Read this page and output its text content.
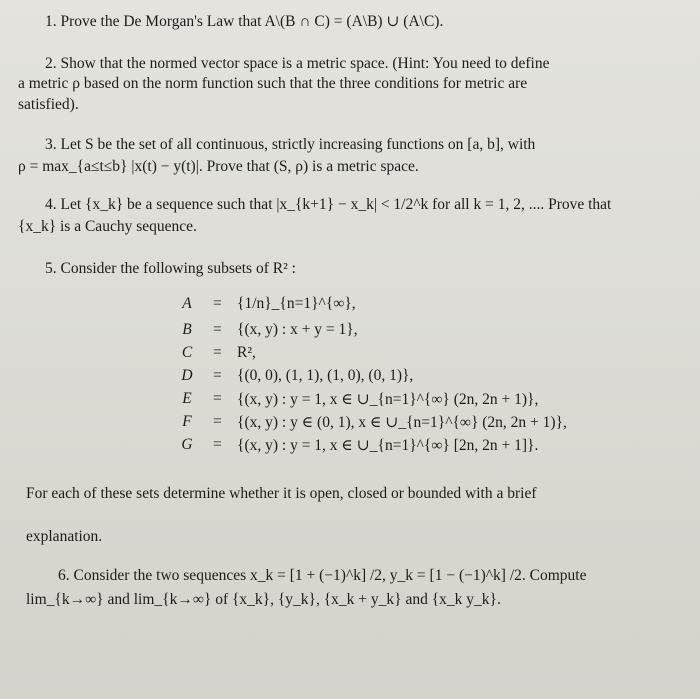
1. Prove the De Morgan's Law that A\(B ∩ C) = (A\B) ∪ (A\C).
2. Show that the normed vector space is a metric space. (Hint: You need to define
a metric ρ based on the norm function such that the three conditions for metric are
satisfied).
3. Let S be the set of all continuous, strictly increasing functions on [a, b], with
ρ = max_{a≤t≤b} |x(t) − y(t)|. Prove that (S, ρ) is a metric space.
4. Let {x_k} be a sequence such that |x_{k+1} − x_k| < 1/2^k for all k = 1, 2, .... Prove that
{x_k} is a Cauchy sequence.
5. Consider the following subsets of R² :
A	= {1/n}_{n=1}^{∞},
B	= {(x, y) : x + y = 1},
C	= R²,
D = {(0, 0), (1, 1), (1, 0), (0, 1)},
E	= {(x, y) : y = 1, x ∈ ∪_{n=1}^{∞} (2n, 2n + 1)},
F	= {(x, y) : y ∈ (0, 1), x ∈ ∪_{n=1}^{∞} (2n, 2n + 1)},
G = {(x, y) : y = 1, x ∈ ∪_{n=1}^{∞} [2n, 2n + 1]}.
For each of these sets determine whether it is open, closed or bounded with a brief
explanation.
6. Consider the two sequences x_k = [1 + (−1)^k] /2, y_k = [1 − (−1)^k] /2. Compute
lim_{k→∞} and lim_{k→∞} of {x_k}, {y_k}, {x_k + y_k} and {x_k y_k}.
